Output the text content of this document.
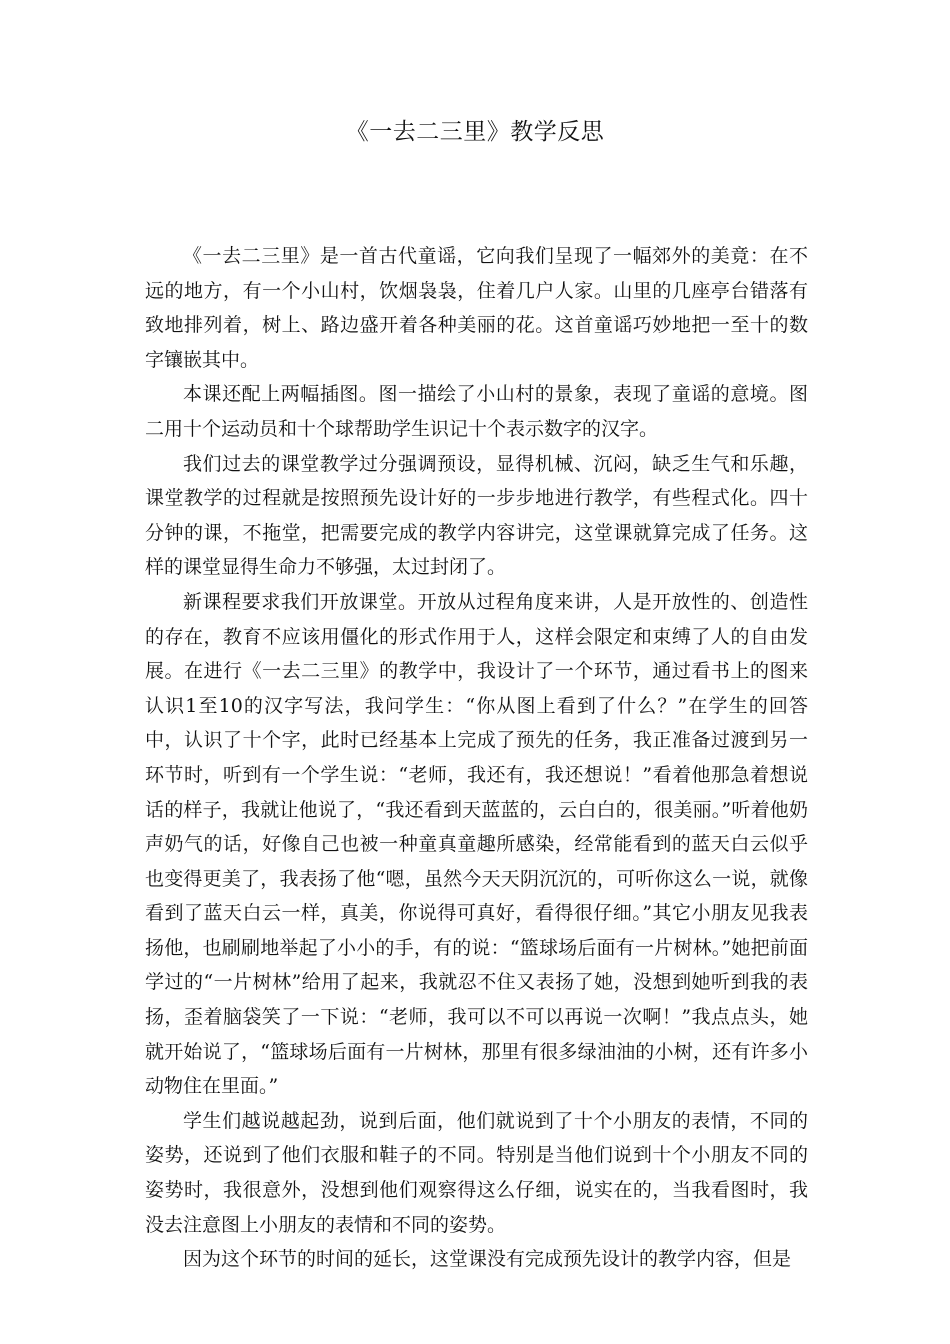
《一去二三里》教学反思

《一去二三里》是一首古代童谣，它向我们呈现了一幅郊外的美竟：在不远的地方，有一个小山村，饮烟袅袅，住着几户人家。山里的几座亭台错落有致地排列着，树上、路边盛开着各种美丽的花。这首童谣巧妙地把一至十的数字镶嵌其中。

本课还配上两幅插图。图一描绘了小山村的景象，表现了童谣的意境。图二用十个运动员和十个球帮助学生识记十个表示数字的汉字。

我们过去的课堂教学过分强调预设，显得机械、沉闷，缺乏生气和乐趣，课堂教学的过程就是按照预先设计好的一步步地进行教学，有些程式化。四十分钟的课，不拖堂，把需要完成的教学内容讲完，这堂课就算完成了任务。这样的课堂显得生命力不够强，太过封闭了。

新课程要求我们开放课堂。开放从过程角度来讲，人是开放性的、创造性的存在，教育不应该用僵化的形式作用于人，这样会限定和束缚了人的自由发展。在进行《一去二三里》的教学中，我设计了一个环节，通过看书上的图来认识1至10的汉字写法，我问学生：“你从图上看到了什么？”在学生的回答中，认识了十个字，此时已经基本上完成了预先的任务，我正准备过渡到另一环节时，听到有一个学生说：“老师，我还有，我还想说！”看着他那急着想说话的样子，我就让他说了，“我还看到天蓝蓝的，云白白的，很美丽。”听着他奶声奶气的话，好像自己也被一种童真童趣所感染，经常能看到的蓝天白云似乎也变得更美了，我表扬了他“嗯，虽然今天天阴沉沉的，可听你这么一说，就像看到了蓝天白云一样，真美，你说得可真好，看得很仔细。”其它小朋友见我表扬他，也刷刷地举起了小小的手，有的说：“篮球场后面有一片树林。”她把前面学过的“一片树林”给用了起来，我就忍不住又表扬了她，没想到她听到我的表扬，歪着脑袋笑了一下说：“老师，我可以不可以再说一次啊！”我点点头，她就开始说了，“篮球场后面有一片树林，那里有很多绿油油的小树，还有许多小动物住在里面。”

学生们越说越起劲，说到后面，他们就说到了十个小朋友的表情，不同的姿势，还说到了他们衣服和鞋子的不同。特别是当他们说到十个小朋友不同的姿势时，我很意外，没想到他们观察得这么仔细，说实在的，当我看图时，我没去注意图上小朋友的表情和不同的姿势。

因为这个环节的时间的延长，这堂课没有完成预先设计的教学内容，但是
